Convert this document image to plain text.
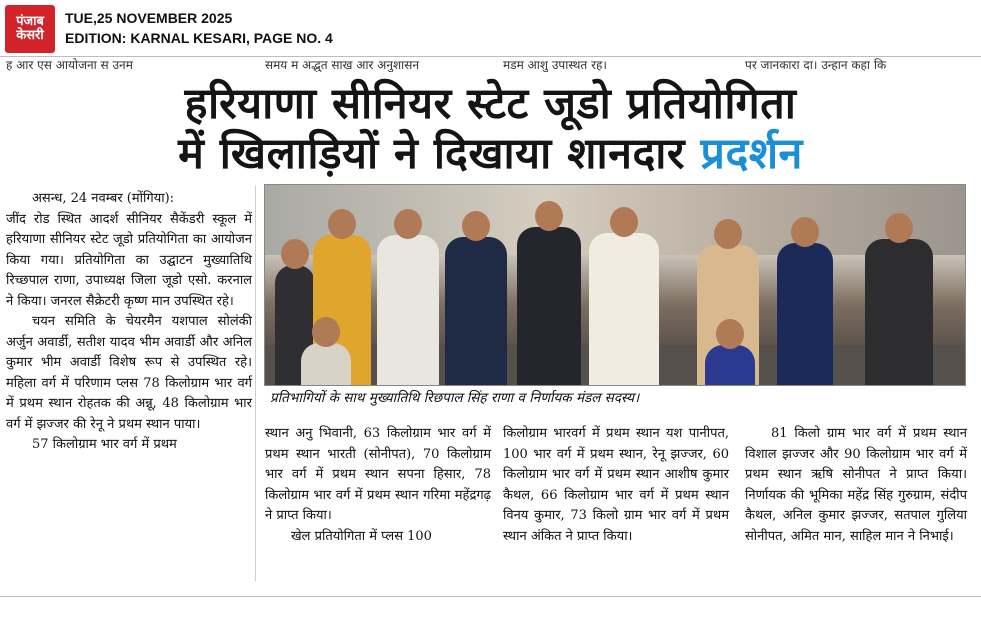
पंजाब
केसरी
TUE,25 NOVEMBER 2025
EDITION: KARNAL KESARI, PAGE NO. 4
ह आर एस आयोजना स उनम	समय म अद्भुत साख आर अनुशासन	मडम आशु उपास्थत रह।	पर जानकारा दा। उन्हान कहा कि
हरियाणा सीनियर स्टेट जूडो प्रतियोगिता
में खिलाड़ियों ने दिखाया शानदार प्रदर्शन
प्रतिभागियों के साथ मुख्यातिथि रिछपाल सिंह राणा व निर्णायक मंडल सदस्य।

असन्ध, 24 नवम्बर (मोंगिया):

जींद रोड स्थित आदर्श सीनियर सैकेंडरी स्कूल में हरियाणा सीनियर स्टेट जूडो प्रतियोगिता का आयोजन किया गया। प्रतियोगिता का उद्घाटन मुख्यातिथि रिच्छपाल राणा, उपाध्यक्ष जिला जूडो एसो. करनाल ने किया। जनरल सैक्रेटरी कृष्ण मान उपस्थित रहे।

चयन समिति के चेयरमैन यशपाल सोलंकी अर्जुन अवार्डी, सतीश यादव भीम अवार्डी और अनिल कुमार भीम अवार्डी विशेष रूप से उपस्थित रहे। महिला वर्ग में परिणाम प्लस 78 किलोग्राम भार वर्ग में प्रथम स्थान रोहतक की अन्नू, 48 किलोग्राम भार वर्ग में झज्जर की रेनू ने प्रथम स्थान पाया।

57 किलोग्राम भार वर्ग में प्रथम

स्थान अनु भिवानी, 63 किलोग्राम भार वर्ग में प्रथम स्थान भारती (सोनीपत), 70 किलोग्राम भार वर्ग में प्रथम स्थान सपना हिसार, 78 किलोग्राम भार वर्ग में प्रथम स्थान गरिमा महेंद्रगढ़ ने प्राप्त किया।

खेल प्रतियोगिता में प्लस 100

किलोग्राम भारवर्ग में प्रथम स्थान यश पानीपत, 100 भार वर्ग में प्रथम स्थान, रेनू झज्जर, 60 किलोग्राम भार वर्ग में प्रथम स्थान आशीष कुमार कैथल, 66 किलोग्राम भार वर्ग में प्रथम स्थान विनय कुमार, 73 किलो ग्राम भार वर्ग में प्रथम स्थान अंकित ने प्राप्त किया।

81 किलो ग्राम भार वर्ग में प्रथम स्थान विशाल झज्जर और 90 किलोग्राम भार वर्ग में प्रथम स्थान ऋषि सोनीपत ने प्राप्त किया। निर्णायक की भूमिका महेंद्र सिंह गुरुग्राम, संदीप कैथल, अनिल कुमार झज्जर, सतपाल गुलिया सोनीपत, अमित मान, साहिल मान ने निभाई।
